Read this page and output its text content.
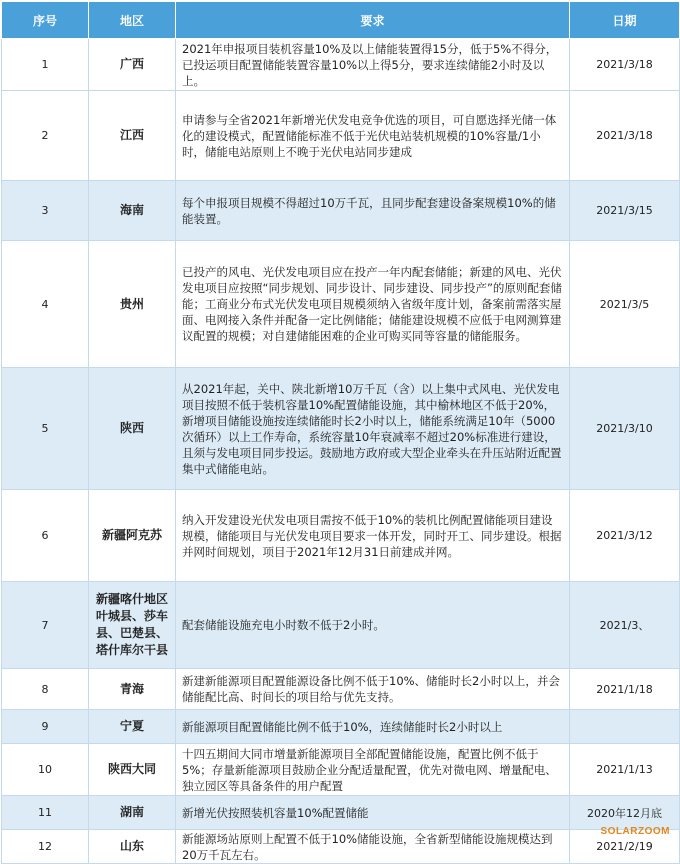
序号	地区	要求	日期
1	广西	2021年申报项目装机容量10%及以上储能装置得15分，低于5%不得分，已投运项目配置储能装置容量10%以上得5分，要求连续储能2小时及以上。	2021/3/18
2	江西	申请参与全省2021年新增光伏发电竞争优选的项目，可自愿选择光储一体化的建设模式，配置储能标准不低于光伏电站装机规模的10%容量/1小时，储能电站原则上不晚于光伏电站同步建成	2021/3/18
3	海南	每个申报项目规模不得超过10万千瓦，且同步配套建设备案规模10%的储能装置。	2021/3/15
4	贵州	已投产的风电、光伏发电项目应在投产一年内配套储能；新建的风电、光伏发电项目应按照“同步规划、同步设计、同步建设、同步投产”的原则配套储能；工商业分布式光伏发电项目规模须纳入省级年度计划，备案前需落实屋面、电网接入条件并配备一定比例储能；储能建设规模不应低于电网测算建议配置的规模；对自建储能困难的企业可购买同等容量的储能服务。	2021/3/5
5	陕西	从2021年起，关中、陕北新增10万千瓦（含）以上集中式风电、光伏发电项目按照不低于装机容量10%配置储能设施，其中榆林地区不低于20%，新增项目储能设施按连续储能时长2小时以上，储能系统满足10年（5000次循环）以上工作寿命，系统容量10年衰减率不超过20%标准进行建设，且须与发电项目同步投运。鼓励地方政府或大型企业牵头在升压站附近配置集中式储能电站。	2021/3/10
6	新疆阿克苏	纳入开发建设光伏发电项目需按不低于10%的装机比例配置储能项目建设规模，储能项目与光伏发电项目要求一体开发，同时开工、同步建设。根据并网时间规划，项目于2021年12月31日前建成并网。	2021/3/12
7	新疆喀什地区叶城县、莎车县、巴楚县、塔什库尔干县	配套储能设施充电小时数不低于2小时。	2021/3、
8	青海	新建新能源项目配置能源设备比例不低于10%、储能时长2小时以上，并会储能配比高、时间长的项目给与优先支持。	2021/1/18
9	宁夏	新能源项目配置储能比例不低于10%，连续储能时长2小时以上	
10	陕西大同	十四五期间大同市增量新能源项目全部配置储能设施，配置比例不低于5%；存量新能源项目鼓励企业分配适量配置，优先对微电网、增量配电、独立园区等具备条件的用户配置	2021/1/13
11	湖南	新增光伏按照装机容量10%配置储能	2020年12月底
12	山东	新能源场站原则上配置不低于10%储能设施，全省新型储能设施规模达到20万千瓦左右。	2021/2/19
SOLARZOOM
